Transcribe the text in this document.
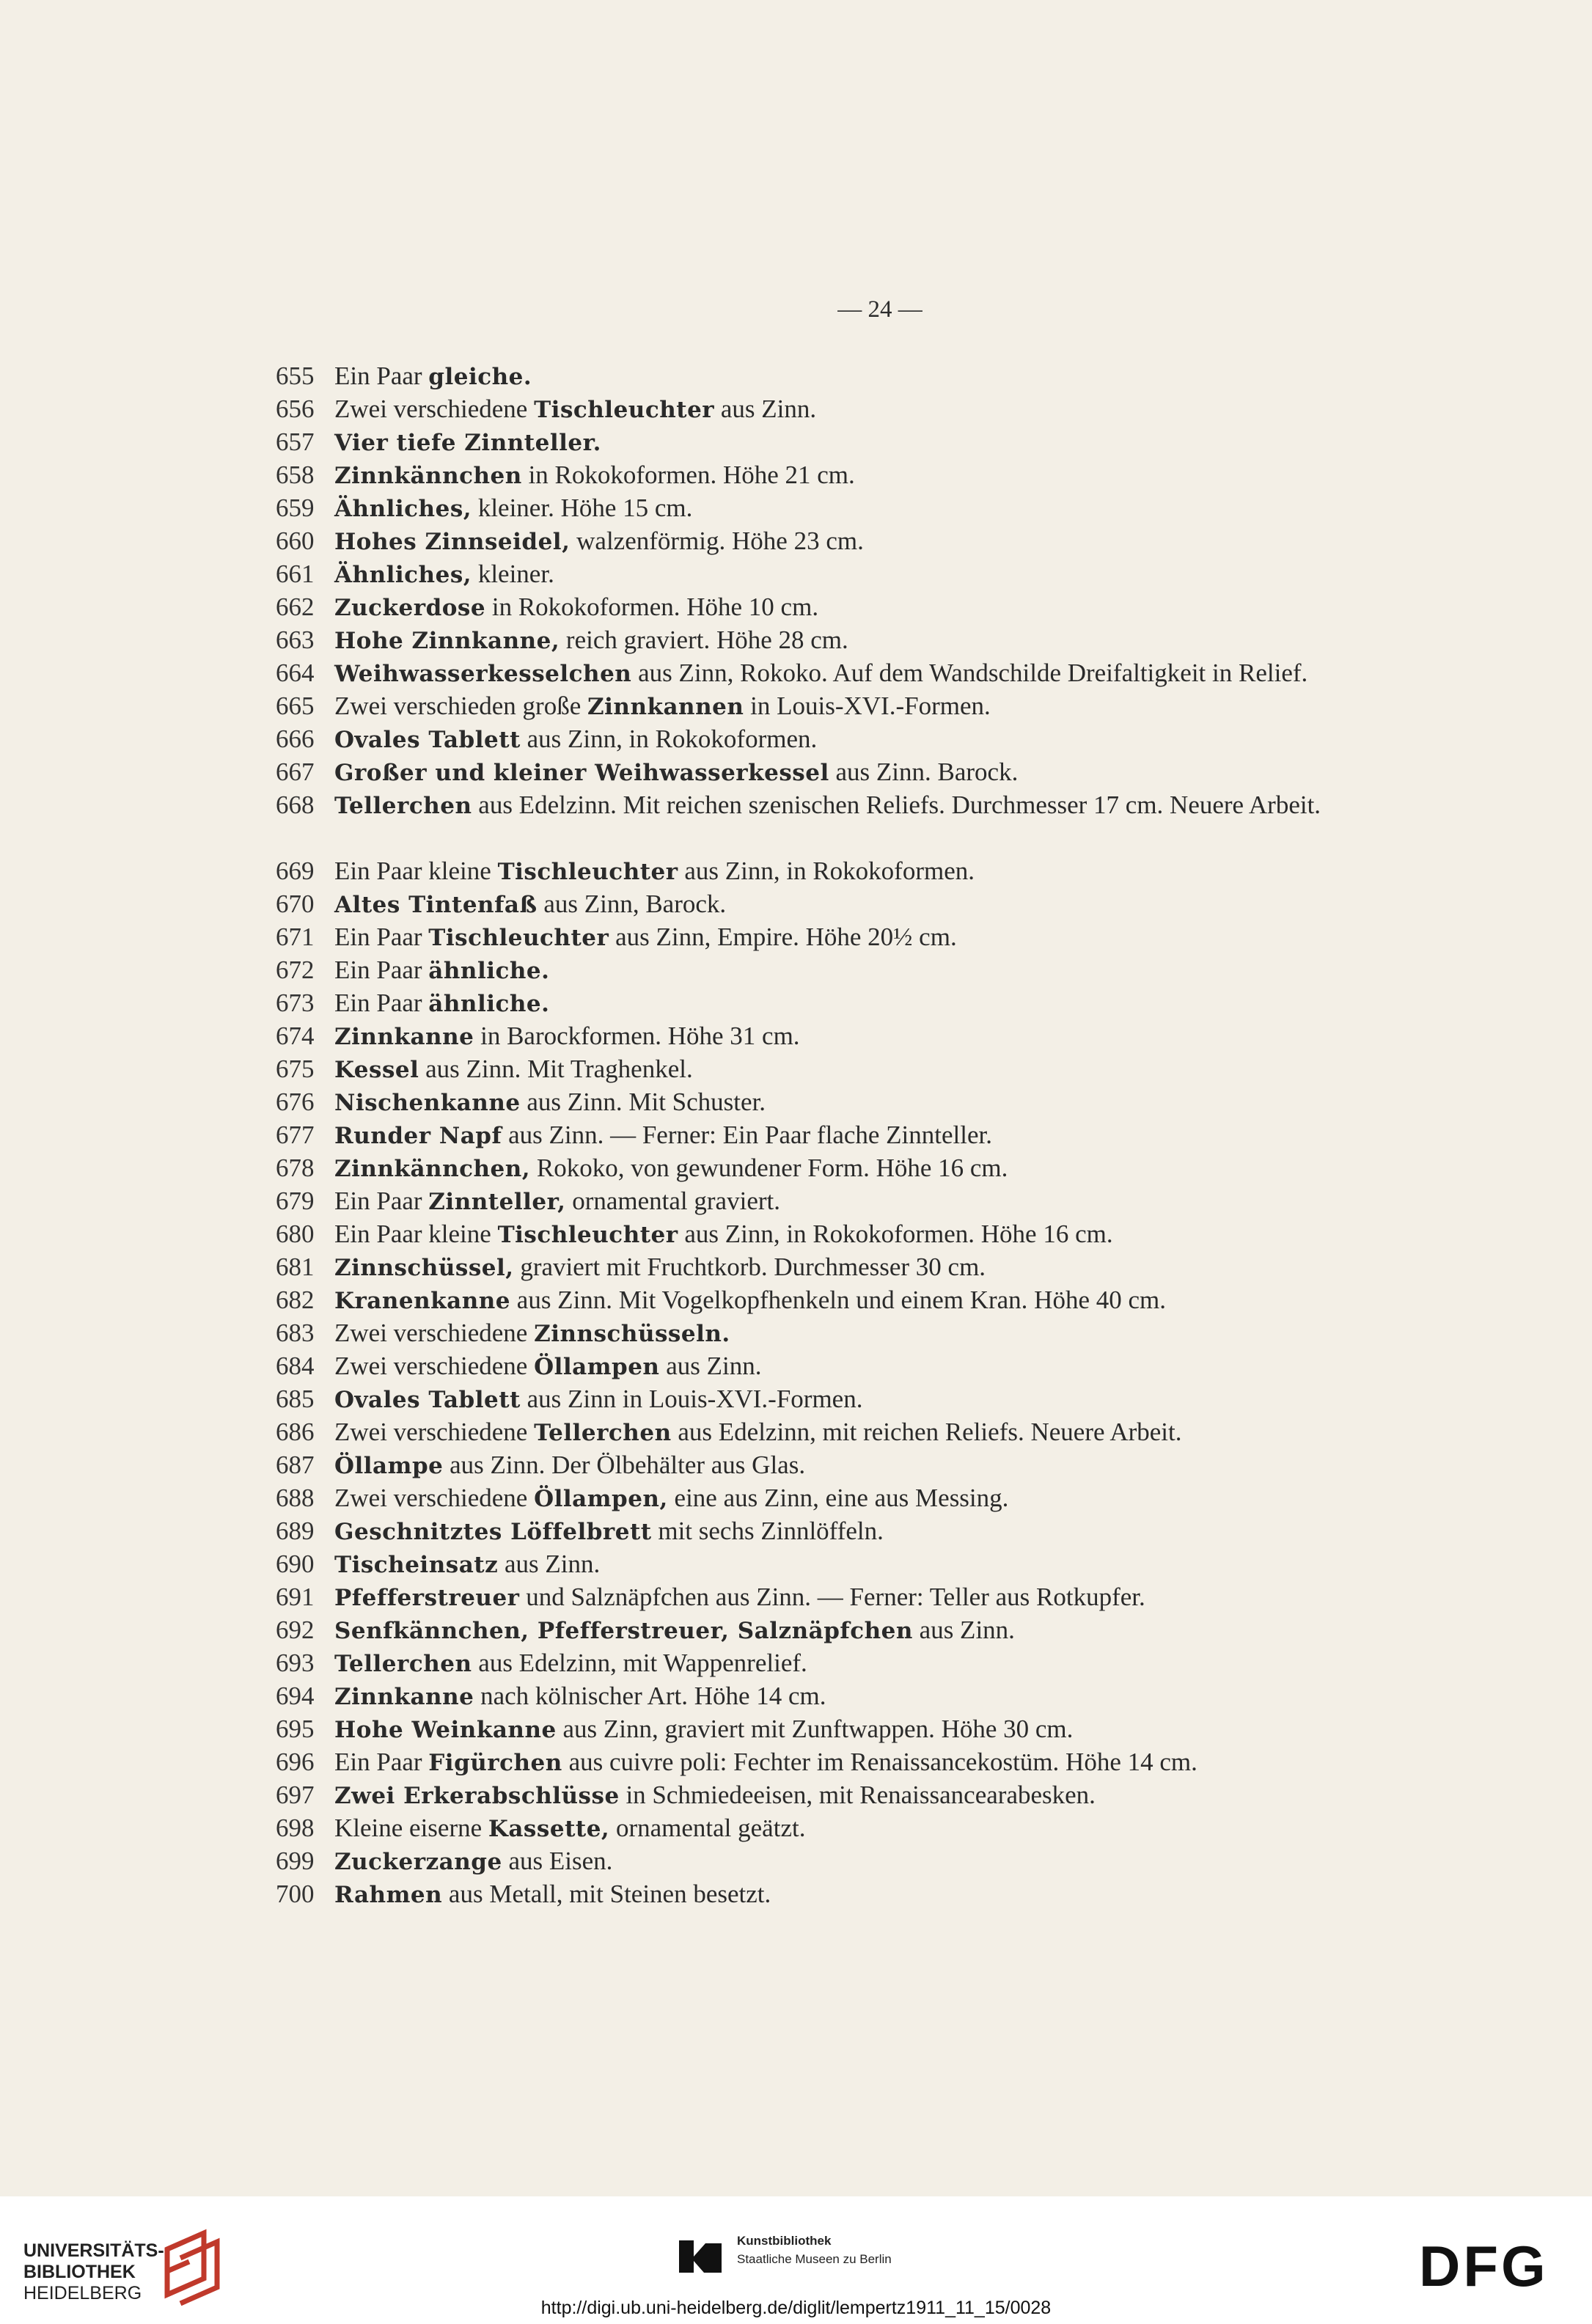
— 24 —
655 Ein Paar gleiche.
656 Zwei verschiedene Tischleuchter aus Zinn.
657 Vier tiefe Zinnteller.
658 Zinnkännchen in Rokokoformen. Höhe 21 cm.
659 Ähnliches, kleiner. Höhe 15 cm.
660 Hohes Zinnseidel, walzenförmig. Höhe 23 cm.
661 Ähnliches, kleiner.
662 Zuckerdose in Rokokoformen. Höhe 10 cm.
663 Hohe Zinnkanne, reich graviert. Höhe 28 cm.
664 Weihwasserkesselchen aus Zinn, Rokoko. Auf dem Wandschilde Dreifaltigkeit in Relief.
665 Zwei verschieden große Zinnkannen in Louis-XVI.-Formen.
666 Ovales Tablett aus Zinn, in Rokokoformen.
667 Großer und kleiner Weihwasserkessel aus Zinn. Barock.
668 Tellerchen aus Edelzinn. Mit reichen szenischen Reliefs. Durchmesser 17 cm. Neuere Arbeit.
669 Ein Paar kleine Tischleuchter aus Zinn, in Rokokoformen.
670 Altes Tintenfaß aus Zinn, Barock.
671 Ein Paar Tischleuchter aus Zinn, Empire. Höhe 20½ cm.
672 Ein Paar ähnliche.
673 Ein Paar ähnliche.
674 Zinnkanne in Barockformen. Höhe 31 cm.
675 Kessel aus Zinn. Mit Traghenkel.
676 Nischenkanne aus Zinn. Mit Schuster.
677 Runder Napf aus Zinn. — Ferner: Ein Paar flache Zinnteller.
678 Zinnkännchen, Rokoko, von gewundener Form. Höhe 16 cm.
679 Ein Paar Zinnteller, ornamental graviert.
680 Ein Paar kleine Tischleuchter aus Zinn, in Rokokoformen. Höhe 16 cm.
681 Zinnschüssel, graviert mit Fruchtkorb. Durchmesser 30 cm.
682 Kranenkanne aus Zinn. Mit Vogelkopfhenkeln und einem Kran. Höhe 40 cm.
683 Zwei verschiedene Zinnschüsseln.
684 Zwei verschiedene Öllampen aus Zinn.
685 Ovales Tablett aus Zinn in Louis-XVI.-Formen.
686 Zwei verschiedene Tellerchen aus Edelzinn, mit reichen Reliefs. Neuere Arbeit.
687 Öllampe aus Zinn. Der Ölbehälter aus Glas.
688 Zwei verschiedene Öllampen, eine aus Zinn, eine aus Messing.
689 Geschnitztes Löffelbrett mit sechs Zinnlöffeln.
690 Tischeinsatz aus Zinn.
691 Pfefferstreuer und Salznäpfchen aus Zinn. — Ferner: Teller aus Rotkupfer.
692 Senfkännchen, Pfefferstreuer, Salznäpfchen aus Zinn.
693 Tellerchen aus Edelzinn, mit Wappenrelief.
694 Zinnkanne nach kölnischer Art. Höhe 14 cm.
695 Hohe Weinkanne aus Zinn, graviert mit Zunftwappen. Höhe 30 cm.
696 Ein Paar Figürchen aus cuivre poli: Fechter im Renaissancekostüm. Höhe 14 cm.
697 Zwei Erkerabschlüsse in Schmiedeeisen, mit Renaissancearabesken.
698 Kleine eiserne Kassette, ornamental geätzt.
699 Zuckerzange aus Eisen.
700 Rahmen aus Metall, mit Steinen besetzt.
UNIVERSITÄTS-
BIBLIOTHEK
HEIDELBERG
Kunstbibliothek
Staatliche Museen zu Berlin	DFG
http://digi.ub.uni-heidelberg.de/diglit/lempertz1911_11_15/0028
